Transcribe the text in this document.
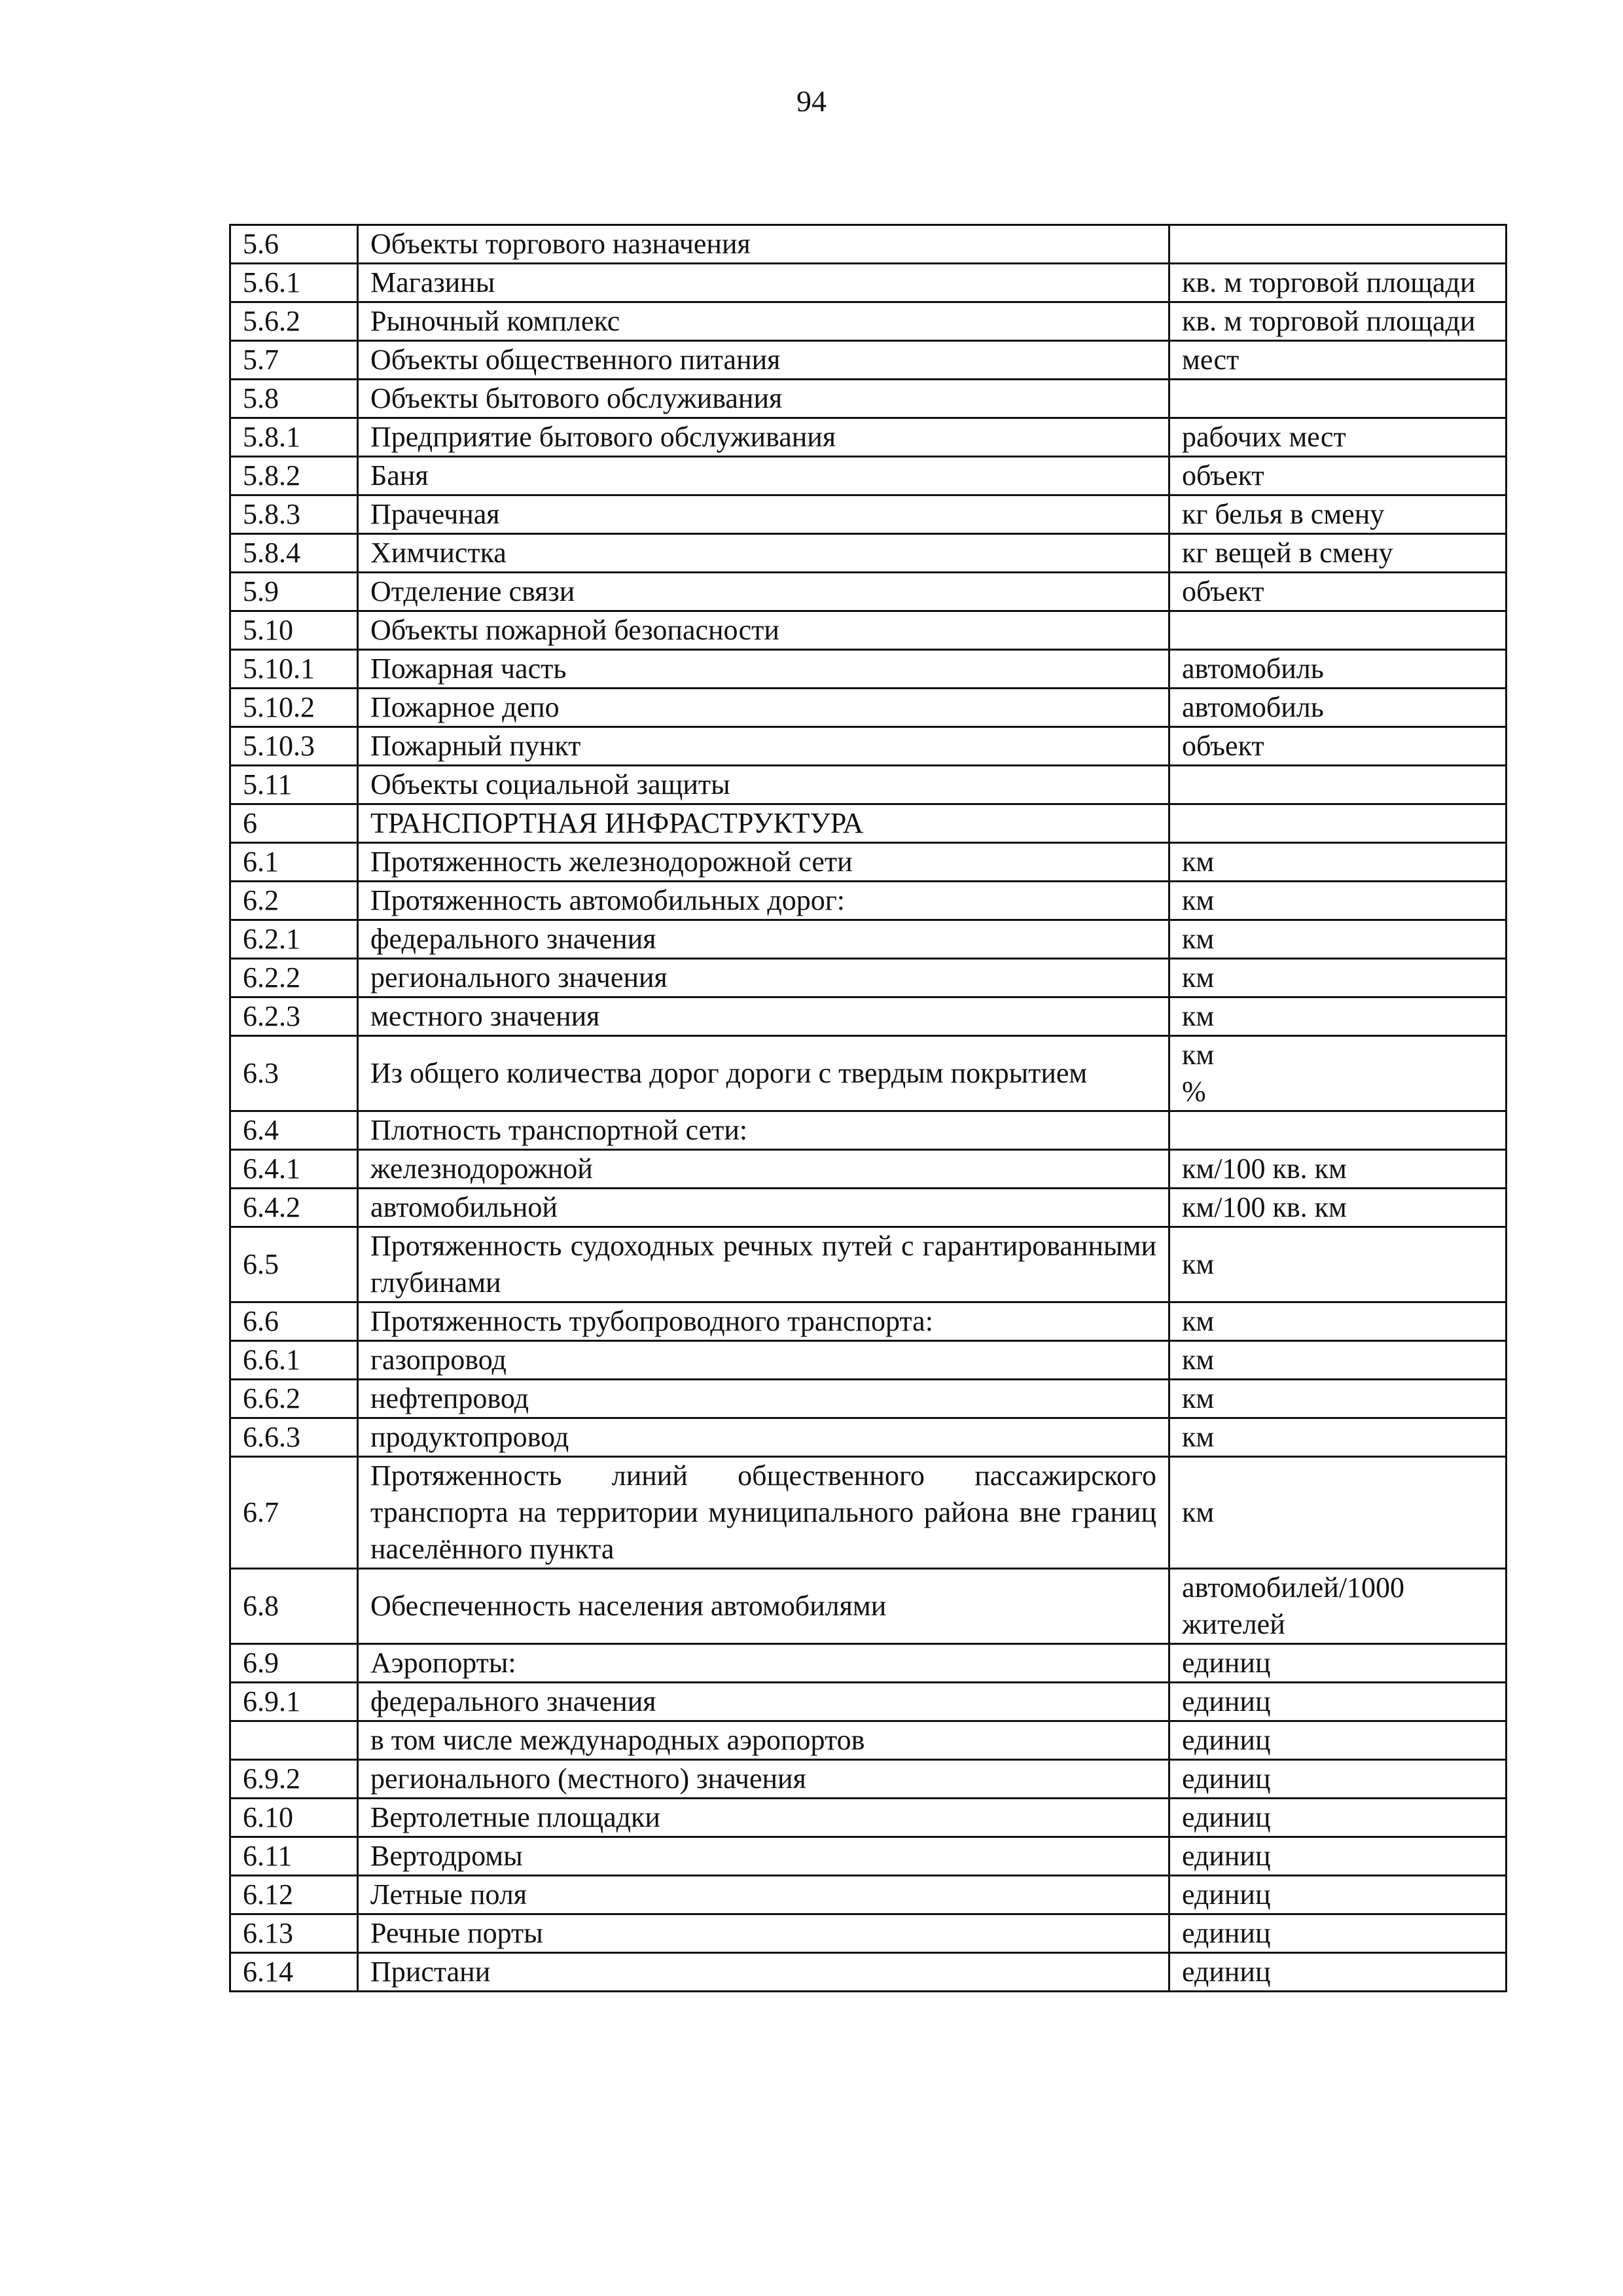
94
5.6	Объекты торгового назначения	
5.6.1	Магазины	кв. м торговой площади
5.6.2	Рыночный комплекс	кв. м торговой площади
5.7	Объекты общественного питания	мест
5.8	Объекты бытового обслуживания	
5.8.1	Предприятие бытового обслуживания	рабочих мест
5.8.2	Баня	объект
5.8.3	Прачечная	кг белья в смену
5.8.4	Химчистка	кг вещей в смену
5.9	Отделение связи	объект
5.10	Объекты пожарной безопасности	
5.10.1	Пожарная часть	автомобиль
5.10.2	Пожарное депо	автомобиль
5.10.3	Пожарный пункт	объект
5.11	Объекты социальной защиты	
6	ТРАНСПОРТНАЯ ИНФРАСТРУКТУРА	
6.1	Протяженность железнодорожной сети	км
6.2	Протяженность автомобильных дорог:	км
6.2.1	федерального значения	км
6.2.2	регионального значения	км
6.2.3	местного значения	км
6.3	Из общего количества дорог дороги с твердым покрытием	км
%

6.4	Плотность транспортной сети:	
6.4.1	железнодорожной	км/100 кв. км
6.4.2	автомобильной	км/100 кв. км
6.5	Протяженность судоходных речных путей с гарантированными глубинами	км
6.6	Протяженность трубопроводного транспорта:	км
6.6.1	газопровод	км
6.6.2	нефтепровод	км
6.6.3	продуктопровод	км
6.7	Протяженность линий общественного пассажирского транспорта на территории муниципального района вне границ населённого пункта	км
6.8	Обеспеченность населения автомобилями	автомобилей/1000 жителей
6.9	Аэропорты:	единиц
6.9.1	федерального значения	единиц
	в том числе международных аэропортов	единиц
6.9.2	регионального (местного) значения	единиц
6.10	Вертолетные площадки	единиц
6.11	Вертодромы	единиц
6.12	Летные поля	единиц
6.13	Речные порты	единиц
6.14	Пристани	единиц
